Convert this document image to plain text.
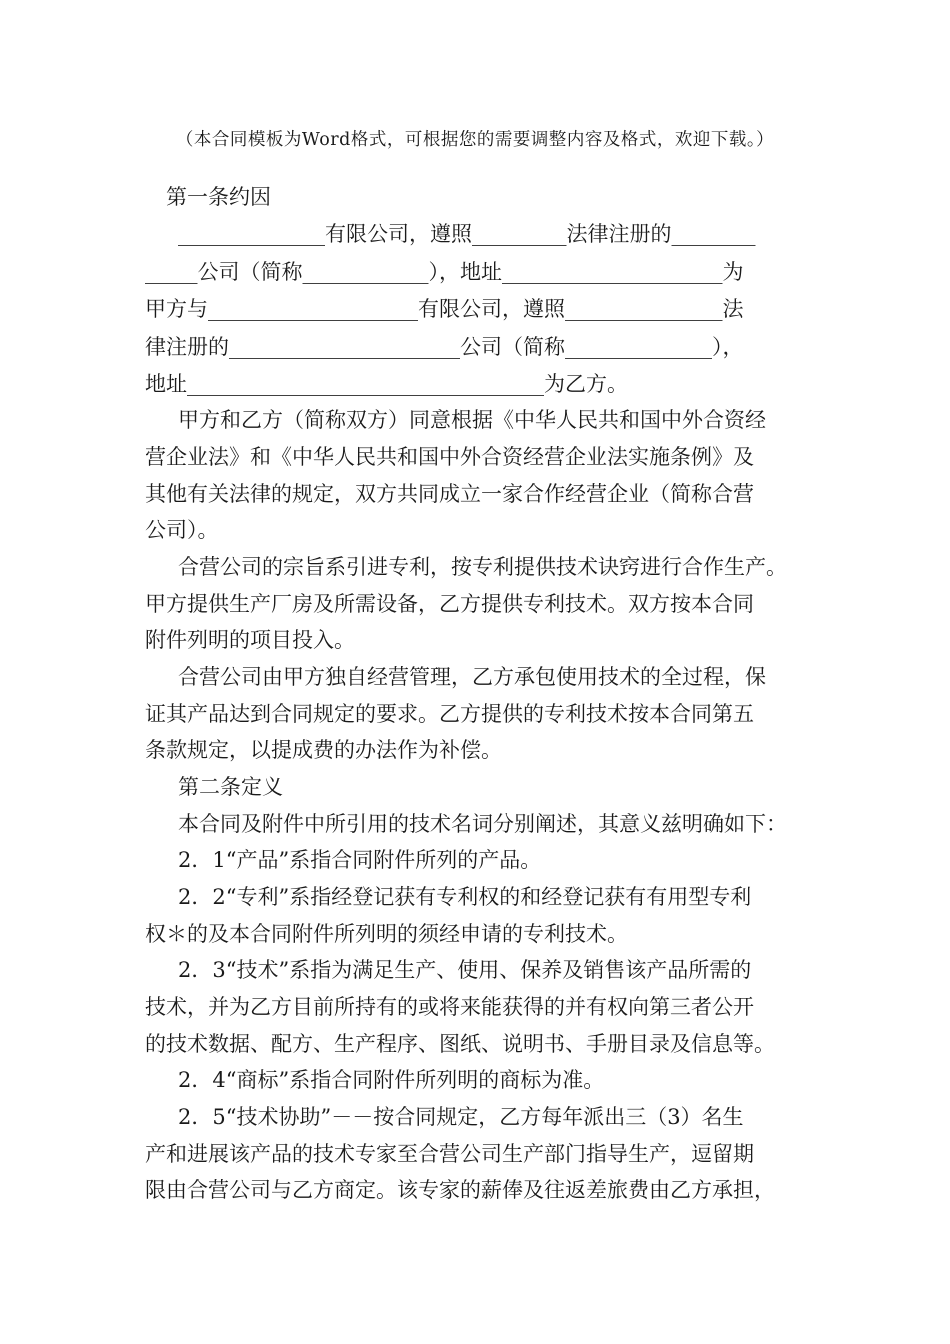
（本合同模板为Word格式，可根据您的需要调整内容及格式，欢迎下载。）
第一条约因
______________有限公司，遵照_________法律注册的________
_____公司（简称____________），地址_____________________为
甲方与____________________有限公司，遵照_______________法
律注册的______________________公司（简称______________），
地址__________________________________为乙方。
甲方和乙方（简称双方）同意根据《中华人民共和国中外合资经
营企业法》和《中华人民共和国中外合资经营企业法实施条例》及
其他有关法律的规定，双方共同成立一家合作经营企业（简称合营
公司）。
合营公司的宗旨系引进专利，按专利提供技术诀窍进行合作生产。
甲方提供生产厂房及所需设备，乙方提供专利技术。双方按本合同
附件列明的项目投入。
合营公司由甲方独自经营管理，乙方承包使用技术的全过程，保
证其产品达到合同规定的要求。乙方提供的专利技术按本合同第五
条款规定，以提成费的办法作为补偿。
第二条定义
本合同及附件中所引用的技术名词分别阐述，其意义兹明确如下：
2．1“产品”系指合同附件所列的产品。
2．2“专利”系指经登记获有专利权的和经登记获有有用型专利
权＊的及本合同附件所列明的须经申请的专利技术。
2．3“技术”系指为满足生产、使用、保养及销售该产品所需的
技术，并为乙方目前所持有的或将来能获得的并有权向第三者公开
的技术数据、配方、生产程序、图纸、说明书、手册目录及信息等。
2．4“商标”系指合同附件所列明的商标为准。
2．5“技术协助”－－按合同规定，乙方每年派出三（3）名生
产和进展该产品的技术专家至合营公司生产部门指导生产，逗留期
限由合营公司与乙方商定。该专家的薪俸及往返差旅费由乙方承担，
